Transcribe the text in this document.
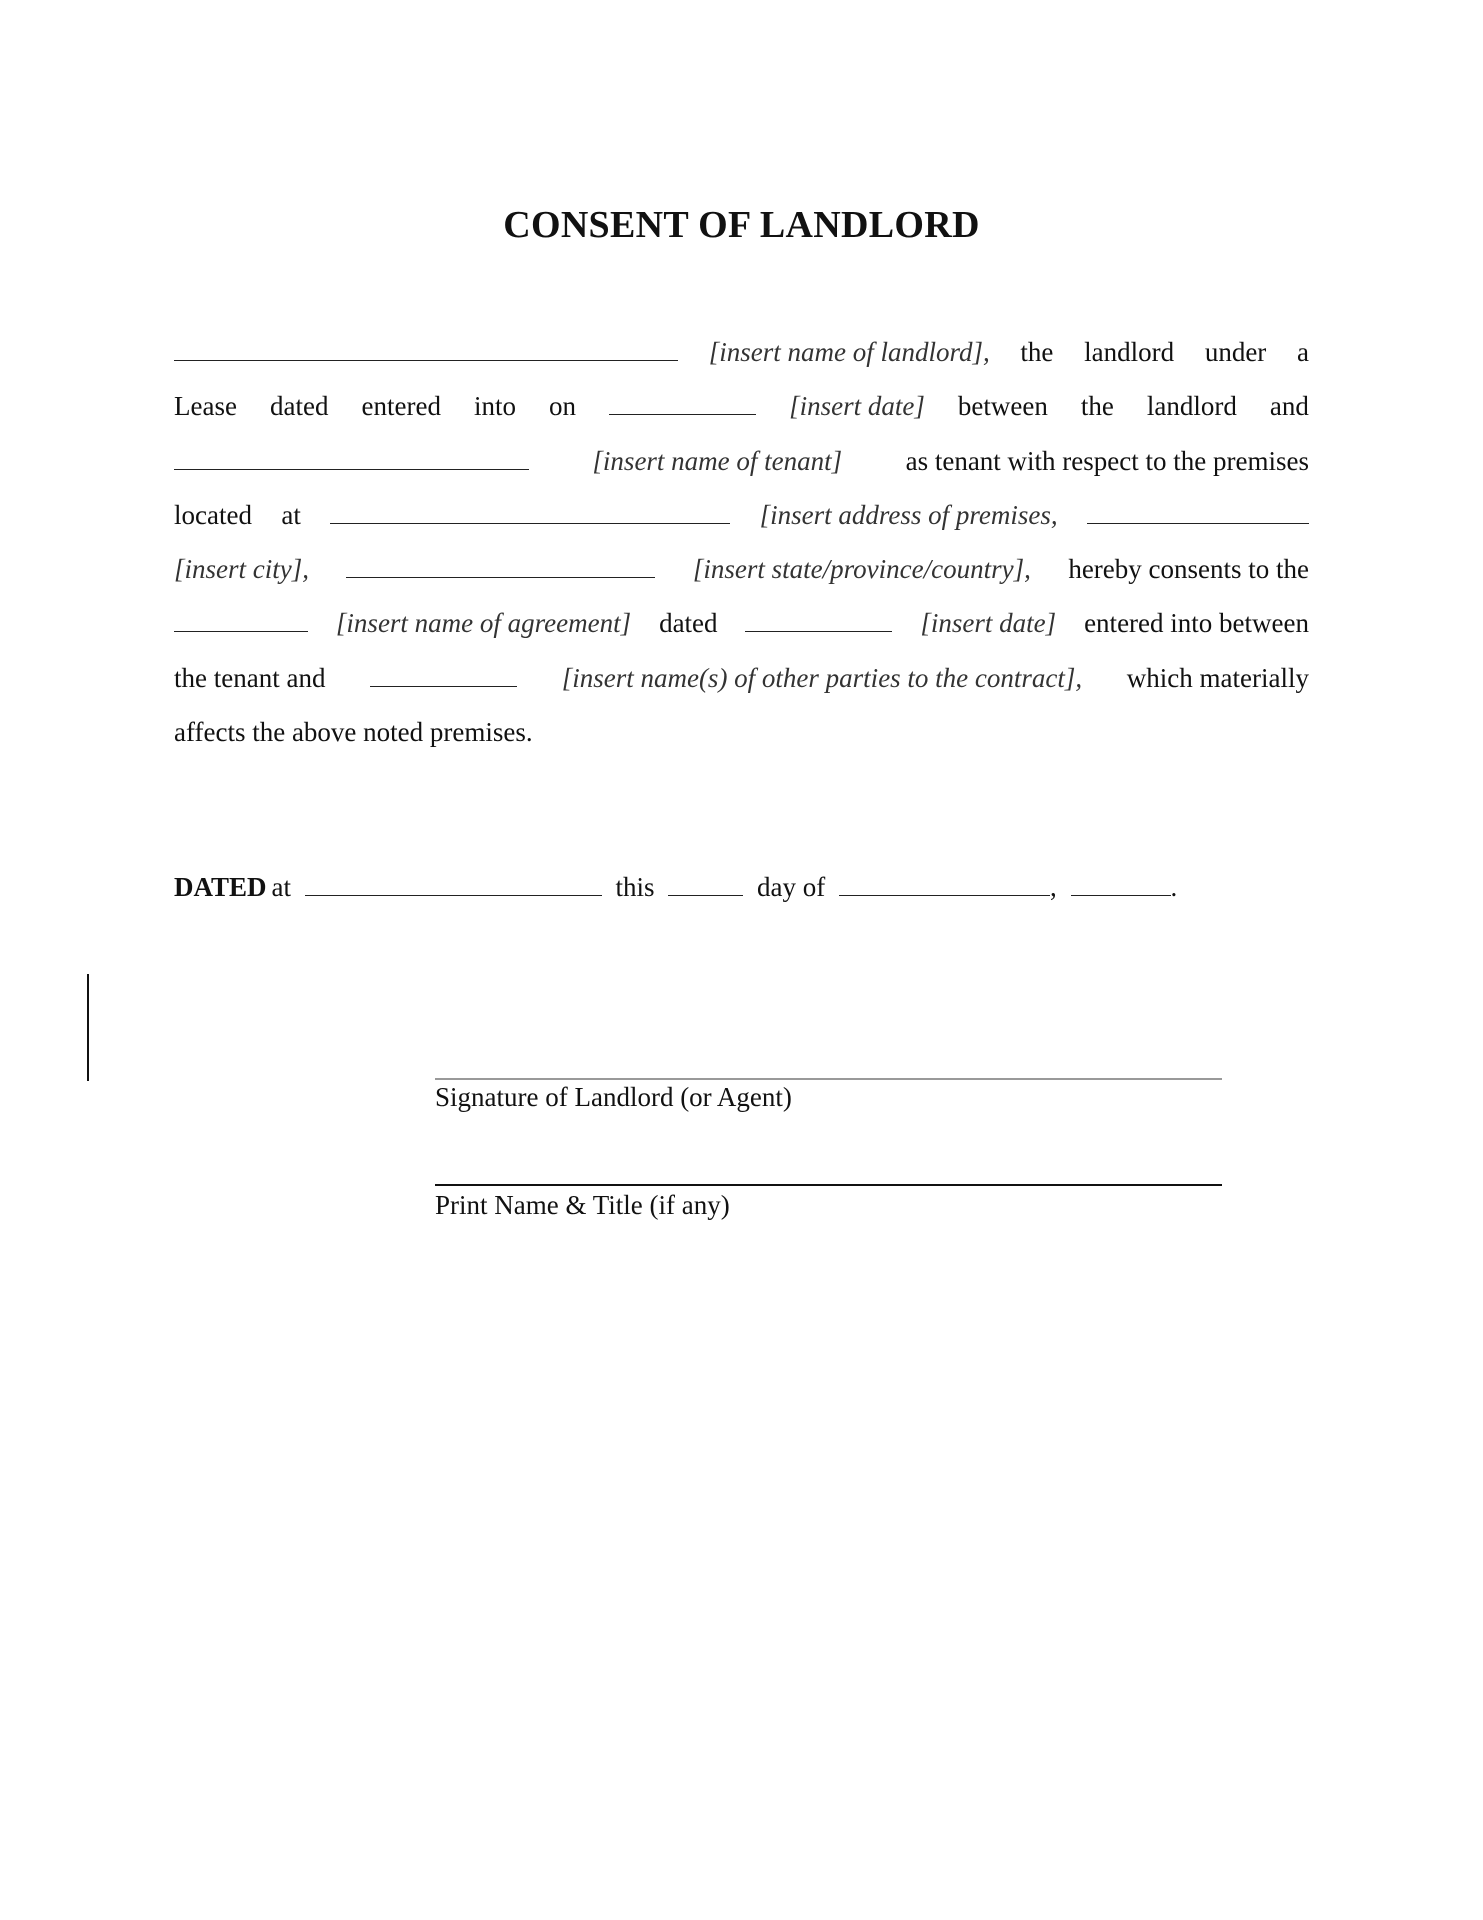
CONSENT OF LANDLORD
[insert name of landlord], the landlord under a
Lease dated entered into on	[insert date] between the landlord and
[insert name of tenant] as tenant with respect to the premises
located at	[insert address of premises,
[insert city],	[insert state/province/country], hereby consents to the
[insert name of agreement] dated	[insert date] entered into between
the tenant and	[insert name(s) of other parties to the contract], which materially
affects the above noted premises.
DATED at	this	day of	,	.
Signature of Landlord (or Agent)
Print Name & Title (if any)
